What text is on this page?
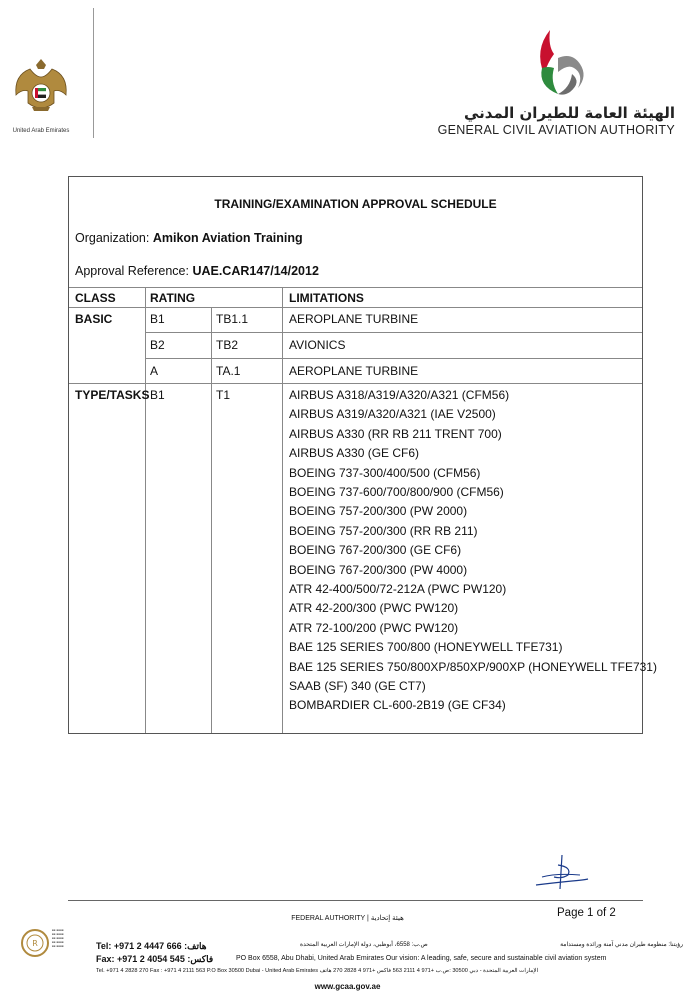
United Arab Emirates
الهيئة العامة للطيران المدني
GENERAL CIVIL AVIATION AUTHORITY
TRAINING/EXAMINATION APPROVAL SCHEDULE
Organization: Amikon Aviation Training
Approval Reference: UAE.CAR147/14/2012
CLASS	RATING	LIMITATIONS
BASIC	B1	TB1.1	AEROPLANE TURBINE
B2	TB2	AVIONICS
A	TA.1	AEROPLANE TURBINE
TYPE/TASKS B1	T1	AIRBUS A318/A319/A320/A321 (CFM56)
AIRBUS A319/A320/A321 (IAE V2500)
AIRBUS A330 (RR RB 211 TRENT 700)
AIRBUS A330 (GE CF6)
BOEING 737-300/400/500 (CFM56)
BOEING 737-600/700/800/900 (CFM56)
BOEING 757-200/300 (PW 2000)
BOEING 757-200/300 (RR RB 211)
BOEING 767-200/300 (GE CF6)
BOEING 767-200/300 (PW 4000)
ATR 42-400/500/72-212A (PWC PW120)
ATR 42-200/300 (PWC PW120)
ATR 72-100/200 (PWC PW120)
BAE 125 SERIES 700/800 (HONEYWELL TFE731)
BAE 125 SERIES 750/800XP/850XP/900XP (HONEYWELL TFE731)
SAAB (SF) 340 (GE CT7)
BOMBARDIER CL-600-2B19 (GE CF34)
Page 1 of 2
FEDERAL AUTHORITY | هيئة إتحادية
R
■■ ■■■■
■■ ■■■■
■■ ■■■■
■■ ■■■■
■■ ■■■■	Tel: +971 2 4447 666 :هاتف	ص.ب: 6558، أبوظبي، دولة الإمارات العربية المتحدة	رؤيتنا: منظومة طيران مدني آمنة ورائدة ومستدامة
Fax: +971 2 4054 545 :فاكس	PO Box 6558, Abu Dhabi, United Arab Emirates Our vision: A leading, safe, secure and sustainable civil aviation system
Tel. +971 4 2828 270 Fax : +971 4 2111 563 P.O Box 30500 Dubai - United Arab Emirates الإمارات العربية المتحدة - دبي 30500 :ص.ب +971 4 2111 563 فاكس +971 4 2828 270 هاتف
www.gcaa.gov.ae
